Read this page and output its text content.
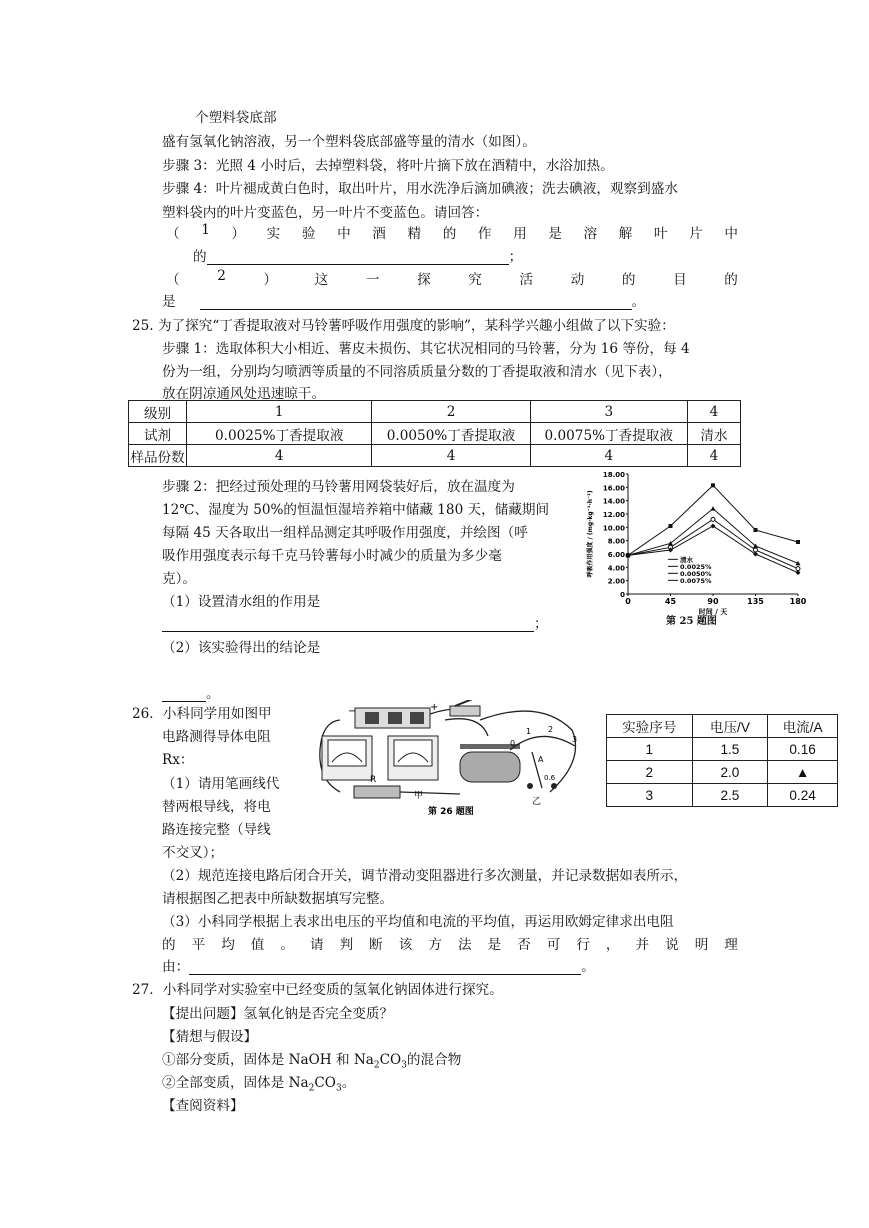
个塑料袋底部
盛有氢氧化钠溶液，另一个塑料袋底部盛等量的清水（如图）。
步骤 3：光照 4 小时后，去掉塑料袋，将叶片摘下放在酒精中，水浴加热。
步骤 4：叶片褪成黄白色时，取出叶片，用水洗净后滴加碘液；洗去碘液，观察到盛水
塑料袋内的叶片变蓝色，另一叶片不变蓝色。请回答：
（ 1 ） 实 验 中 酒 精 的 作 用 是 溶 解 叶 片 中
的	；
（	2	）	这	一	探	究	活	动	的	目	的
是	。
25. 为了探究“丁香提取液对马铃薯呼吸作用强度的影响”，某科学兴趣小组做了以下实验：
步骤 1：选取体积大小相近、薯皮未损伤、其它状况相同的马铃薯，分为 16 等份，每 4
份为一组，分别均匀喷洒等质量的不同溶质质量分数的丁香提取液和清水（见下表），
放在阴凉通风处迅速晾干。
级别	1	2	3	4
试剂	0.0025%丁香提取液	0.0050%丁香提取液	0.0075%丁香提取液	清水
样品份数	4	4	4	4
步骤 2：把经过预处理的马铃薯用网袋装好后，放在温度为
12℃、湿度为 50%的恒温恒湿培养箱中储藏 180 天，储藏期间
每隔 45 天各取出一组样品测定其呼吸作用强度，并绘图（呼
吸作用强度表示每千克马铃薯每小时减少的质量为多少毫
克）。
（1）设置清水组的作用是
；
（2）该实验得出的结论是
。
0
2.00
4.00
6.00
8.00
10.00
12.00
14.00
16.00
18.00
0	45	90	135	180
时间 / 天
呼吸作用强度 / (mg·kg⁻¹·h⁻¹)	清水
0.0025%
0.0050%
0.0075%
第 25 题图
26．小科同学用如图甲
电路测得导体电阻
Rx：
（1）请用笔画线代
替两根导线，将电
路连接完整（导线
不交叉）；
−	+
R
第 26 题图
甲
0
1 2
3
A
0.6
乙
实验序号	电压/V	电流/A
1	1.5	0.16
2	2.0	▲
3	2.5	0.24
（2）规范连接电路后闭合开关，调节滑动变阻器进行多次测量，并记录数据如表所示，
请根据图乙把表中所缺数据填写完整。
（3）小科同学根据上表求出电压的平均值和电流的平均值，再运用欧姆定律求出电阻
的 平 均 值 。 请 判 断 该 方 法 是 否 可 行 ， 并 说 明 理
由：	。
27．小科同学对实验室中已经变质的氢氧化钠固体进行探究。
【提出问题】氢氧化钠是否完全变质？
【猜想与假设】
①部分变质，固体是 NaOH 和 $Na_2CO_3$的混合物
②全部变质，固体是 $Na_2CO_3$。
【查阅资料】
